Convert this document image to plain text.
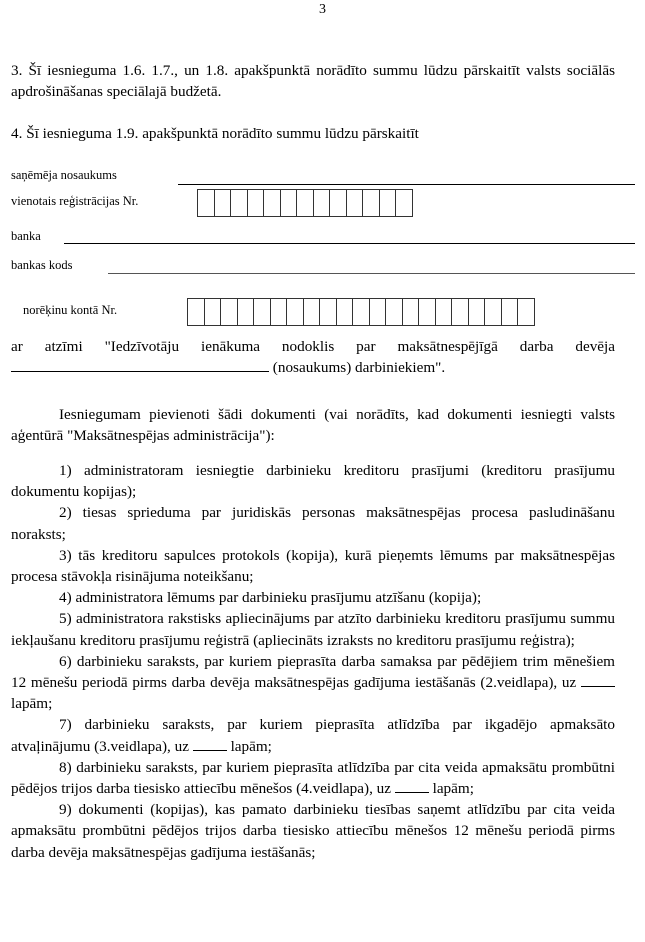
3

3. Šī iesnieguma 1.6. 1.7., un 1.8. apakšpunktā norādīto summu lūdzu pārskaitīt valsts sociālās apdrošināšanas speciālajā budžetā.

4. Šī iesnieguma 1.9. apakšpunktā norādīto summu lūdzu pārskaitīt

saņēmēja nosaukums
vienotais reģistrācijas Nr.
banka
bankas kods
norēķinu kontā Nr.

ar atzīmi "Iedzīvotāju ienākuma nodoklis par maksātnespējīgā darba devēja
(nosaukums) darbiniekiem".

Iesniegumam pievienoti šādi dokumenti (vai norādīts, kad dokumenti iesniegti valsts aģentūrā "Maksātnespējas administrācija"):

1) administratoram iesniegtie darbinieku kreditoru prasījumi (kreditoru prasījumu dokumentu kopijas);

2) tiesas sprieduma par juridiskās personas maksātnespējas procesa pasludināšanu noraksts;

3) tās kreditoru sapulces protokols (kopija), kurā pieņemts lēmums par maksātnespējas procesa stāvokļa risinājuma noteikšanu;

4) administratora lēmums par darbinieku prasījumu atzīšanu (kopija);

5) administratora rakstisks apliecinājums par atzīto darbinieku kreditoru prasījumu summu iekļaušanu kreditoru prasījumu reģistrā (apliecināts izraksts no kreditoru prasījumu reģistra);

6) darbinieku saraksts, par kuriem pieprasīta darba samaksa par pēdējiem trim mēnešiem 12 mēnešu periodā pirms darba devēja maksātnespējas gadījuma iestāšanās (2.veidlapa), uz  lapām;

7) darbinieku saraksts, par kuriem pieprasīta atlīdzība par ikgadējo apmaksāto atvaļinājumu (3.veidlapa), uz	lapām;

8) darbinieku saraksts, par kuriem pieprasīta atlīdzība par cita veida apmaksātu prombūtni pēdējos trijos darba tiesisko attiecību mēnešos (4.veidlapa), uz	lapām;

9) dokumenti (kopijas), kas pamato darbinieku tiesības saņemt atlīdzību par cita veida apmaksātu prombūtni pēdējos trijos darba tiesisko attiecību mēnešos 12 mēnešu periodā pirms darba devēja maksātnespējas gadījuma iestāšanās;
